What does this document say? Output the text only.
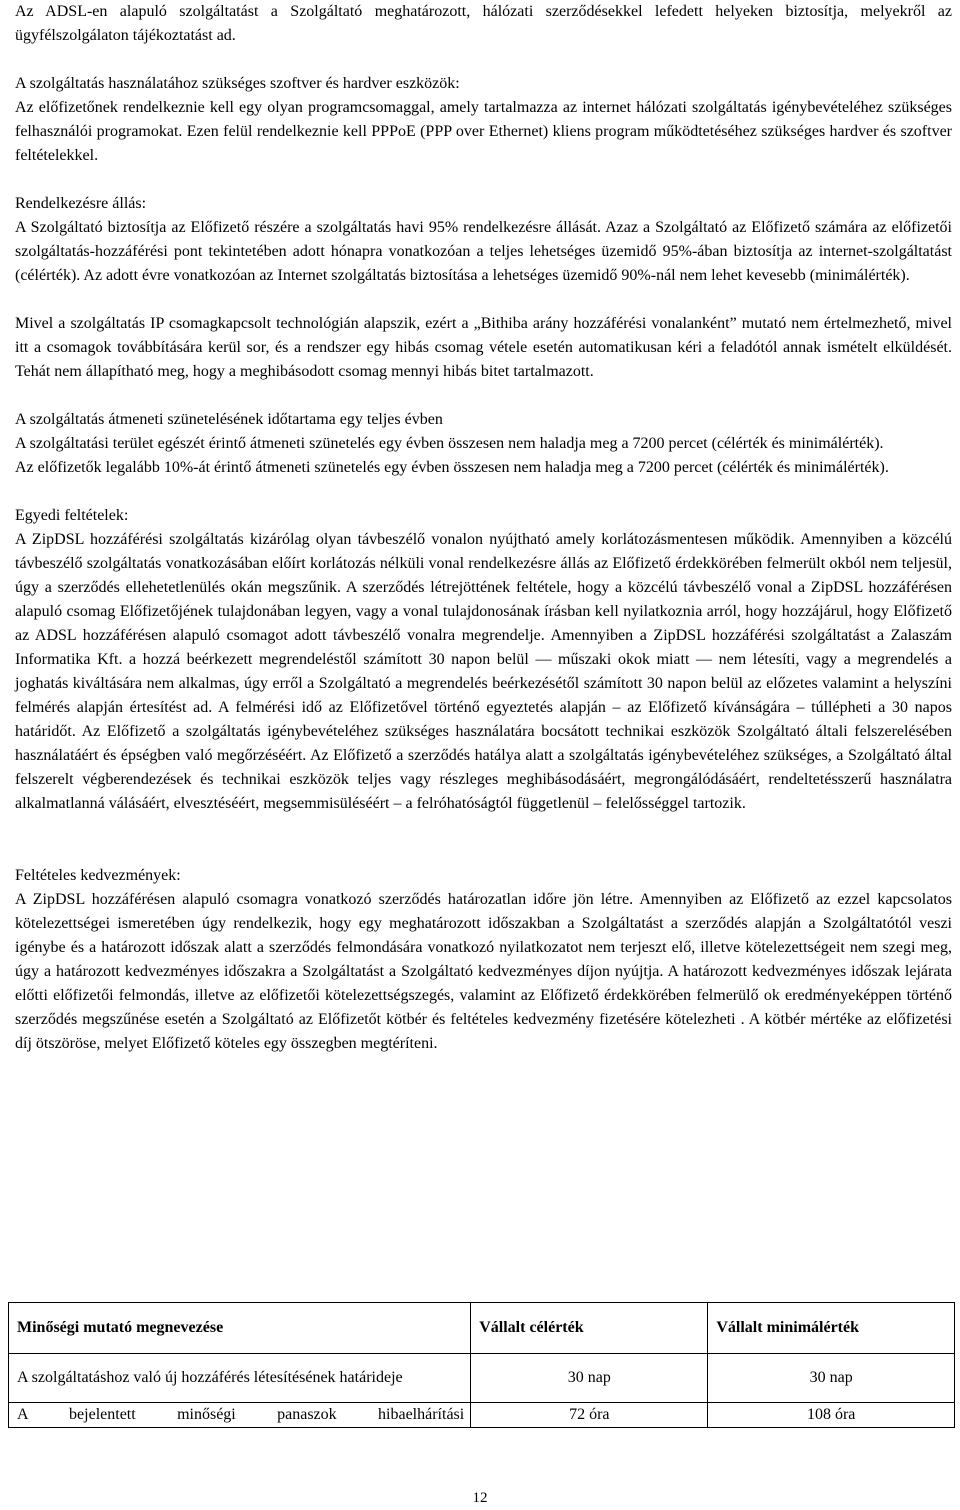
Az ADSL-en alapuló szolgáltatást a Szolgáltató meghatározott, hálózati szerződésekkel lefedett helyeken biztosítja, melyekről az ügyfélszolgálaton tájékoztatást ad.

A szolgáltatás használatához szükséges szoftver és hardver eszközök:

Az előfizetőnek rendelkeznie kell egy olyan programcsomaggal, amely tartalmazza az internet hálózati szolgáltatás igénybevételéhez szükséges felhasználói programokat. Ezen felül rendelkeznie kell PPPoE (PPP over Ethernet) kliens program működtetéséhez szükséges hardver és szoftver feltételekkel.

Rendelkezésre állás:

A Szolgáltató biztosítja az Előfizető részére a szolgáltatás havi 95% rendelkezésre állását. Azaz a Szolgáltató az Előfizető számára az előfizetői szolgáltatás-hozzáférési pont tekintetében adott hónapra vonatkozóan a teljes lehetséges üzemidő 95%-ában biztosítja az internet-szolgáltatást (célérték). Az adott évre vonatkozóan az Internet szolgáltatás biztosítása a lehetséges üzemidő 90%-nál nem lehet kevesebb (minimálérték).

Mivel a szolgáltatás IP csomagkapcsolt technológián alapszik, ezért a „Bithiba arány hozzáférési vonalanként” mutató nem értelmezhető, mivel itt a csomagok továbbítására kerül sor, és a rendszer egy hibás csomag vétele esetén automatikusan kéri a feladótól annak ismételt elküldését. Tehát nem állapítható meg, hogy a meghibásodott csomag mennyi hibás bitet tartalmazott.

A szolgáltatás átmeneti szünetelésének időtartama egy teljes évben

A szolgáltatási terület egészét érintő átmeneti szünetelés egy évben összesen nem haladja meg a 7200 percet (célérték és minimálérték).

Az előfizetők legalább 10%-át érintő átmeneti szünetelés egy évben összesen nem haladja meg a 7200 percet (célérték és minimálérték).

Egyedi feltételek:

A ZipDSL hozzáférési szolgáltatás kizárólag olyan távbeszélő vonalon nyújtható amely korlátozásmentesen működik. Amennyiben a közcélú távbeszélő szolgáltatás vonatkozásában előírt korlátozás nélküli vonal rendelkezésre állás az Előfizető érdekkörében felmerült okból nem teljesül, úgy a szerződés ellehetetlenülés okán megszűnik. A szerződés létrejöttének feltétele, hogy a közcélú távbeszélő vonal a ZipDSL hozzáférésen alapuló csomag Előfizetőjének tulajdonában legyen, vagy a vonal tulajdonosának írásban kell nyilatkoznia arról, hogy hozzájárul, hogy Előfizető az ADSL hozzáférésen alapuló csomagot adott távbeszélő vonalra megrendelje. Amennyiben a ZipDSL hozzáférési szolgáltatást a Zalaszám Informatika Kft. a hozzá beérkezett megrendeléstől számított 30 napon belül — műszaki okok miatt — nem létesíti, vagy a megrendelés a joghatás kiváltására nem alkalmas, úgy erről a Szolgáltató a megrendelés beérkezésétől számított 30 napon belül az előzetes valamint a helyszíni felmérés alapján értesítést ad. A felmérési idő az Előfizetővel történő egyeztetés alapján – az Előfizető kívánságára – túllépheti a 30 napos határidőt. Az Előfizető a szolgáltatás igénybevételéhez szükséges használatára bocsátott technikai eszközök Szolgáltató általi felszerelésében használatáért és épségben való megőrzéséért. Az Előfizető a szerződés hatálya alatt a szolgáltatás igénybevételéhez szükséges, a Szolgáltató által felszerelt végberendezések és technikai eszközök teljes vagy részleges meghibásodásáért, megrongálódásáért, rendeltetésszerű használatra alkalmatlanná válásáért, elvesztéséért, megsemmisüléséért – a felróhatóságtól függetlenül – felelősséggel tartozik.

Feltételes kedvezmények:

A ZipDSL hozzáférésen alapuló csomagra vonatkozó szerződés határozatlan időre jön létre. Amennyiben az Előfizető az ezzel kapcsolatos kötelezettségei ismeretében úgy rendelkezik, hogy egy meghatározott időszakban a Szolgáltatást a szerződés alapján a Szolgáltatótól veszi igénybe és a határozott időszak alatt a szerződés felmondására vonatkozó nyilatkozatot nem terjeszt elő, illetve kötelezettségeit nem szegi meg, úgy a határozott kedvezményes időszakra a Szolgáltatást a Szolgáltató kedvezményes díjon nyújtja. A határozott kedvezményes időszak lejárata előtti előfizetői felmondás, illetve az előfizetői kötelezettségszegés, valamint az Előfizető érdekkörében felmerülő ok eredményeképpen történő szerződés megszűnése esetén a Szolgáltató az Előfizetőt kötbér és feltételes kedvezmény fizetésére kötelezheti . A kötbér mértéke az előfizetési díj ötszöröse, melyet Előfizető köteles egy összegben megtéríteni.

Minőségi mutató megnevezése	Vállalt célérték	Vállalt minimálérték
A szolgáltatáshoz való új hozzáférés létesítésének határideje	30 nap	30 nap
A bejelentett minőségi panaszok hibaelhárítási	72 óra	108 óra
12
